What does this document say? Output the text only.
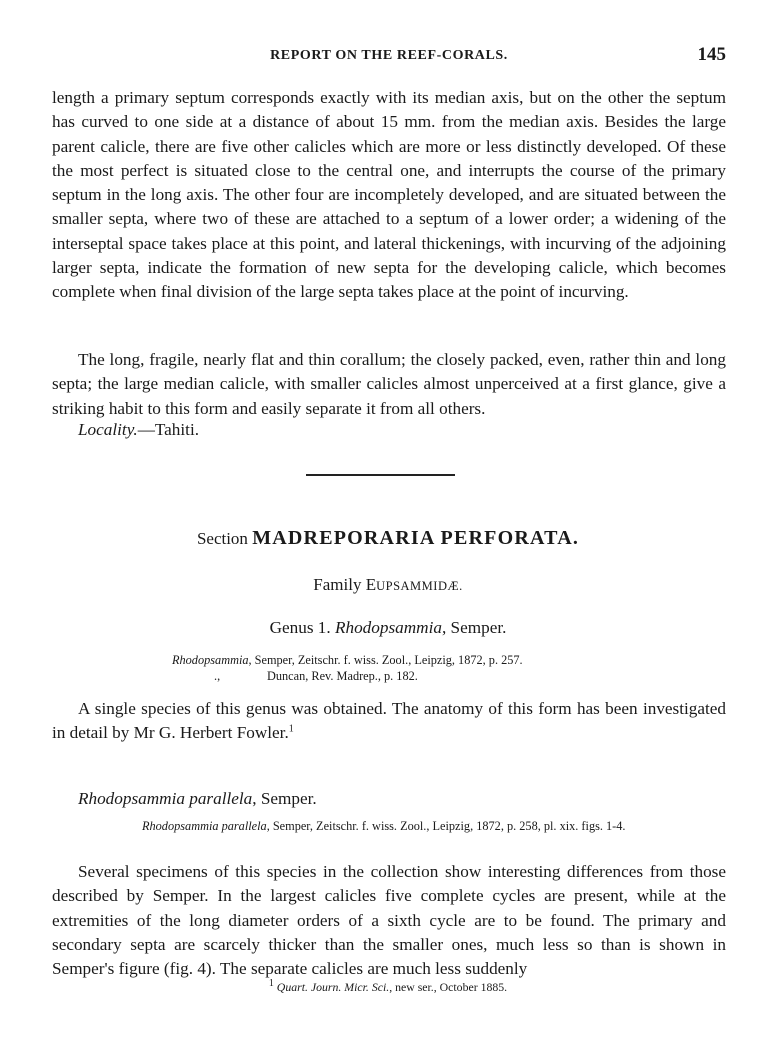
REPORT ON THE REEF-CORALS.	145

length a primary septum corresponds exactly with its median axis, but on the other the septum has curved to one side at a distance of about 15 mm. from the median axis. Besides the large parent calicle, there are five other calicles which are more or less distinctly developed. Of these the most perfect is situated close to the central one, and interrupts the course of the primary septum in the long axis. The other four are incompletely developed, and are situated between the smaller septa, where two of these are attached to a septum of a lower order; a widening of the interseptal space takes place at this point, and lateral thickenings, with incurving of the adjoining larger septa, indicate the formation of new septa for the developing calicle, which becomes complete when final division of the large septa takes place at the point of incurving.

The long, fragile, nearly flat and thin corallum; the closely packed, even, rather thin and long septa; the large median calicle, with smaller calicles almost unperceived at a first glance, give a striking habit to this form and easily separate it from all others.

Locality.—Tahiti.
Section MADREPORARIA PERFORATA.
Family EUPSAMMIDÆ.
Genus 1. Rhodopsammia, Semper.
Rhodopsammia, Semper, Zeitschr. f. wiss. Zool., Leipzig, 1872, p. 257.
.,	Duncan, Rev. Madrep., p. 182.

A single species of this genus was obtained. The anatomy of this form has been investigated in detail by Mr G. Herbert Fowler.$^1$

Rhodopsammia parallela, Semper.
Rhodopsammia parallela, Semper, Zeitschr. f. wiss. Zool., Leipzig, 1872, p. 258, pl. xix. figs. 1-4.

Several specimens of this species in the collection show interesting differences from those described by Semper. In the largest calicles five complete cycles are present, while at the extremities of the long diameter orders of a sixth cycle are to be found. The primary and secondary septa are scarcely thicker than the smaller ones, much less so than is shown in Semper's figure (fig. 4). The separate calicles are much less suddenly

$^1$ Quart. Journ. Micr. Sci., new ser., October 1885.
